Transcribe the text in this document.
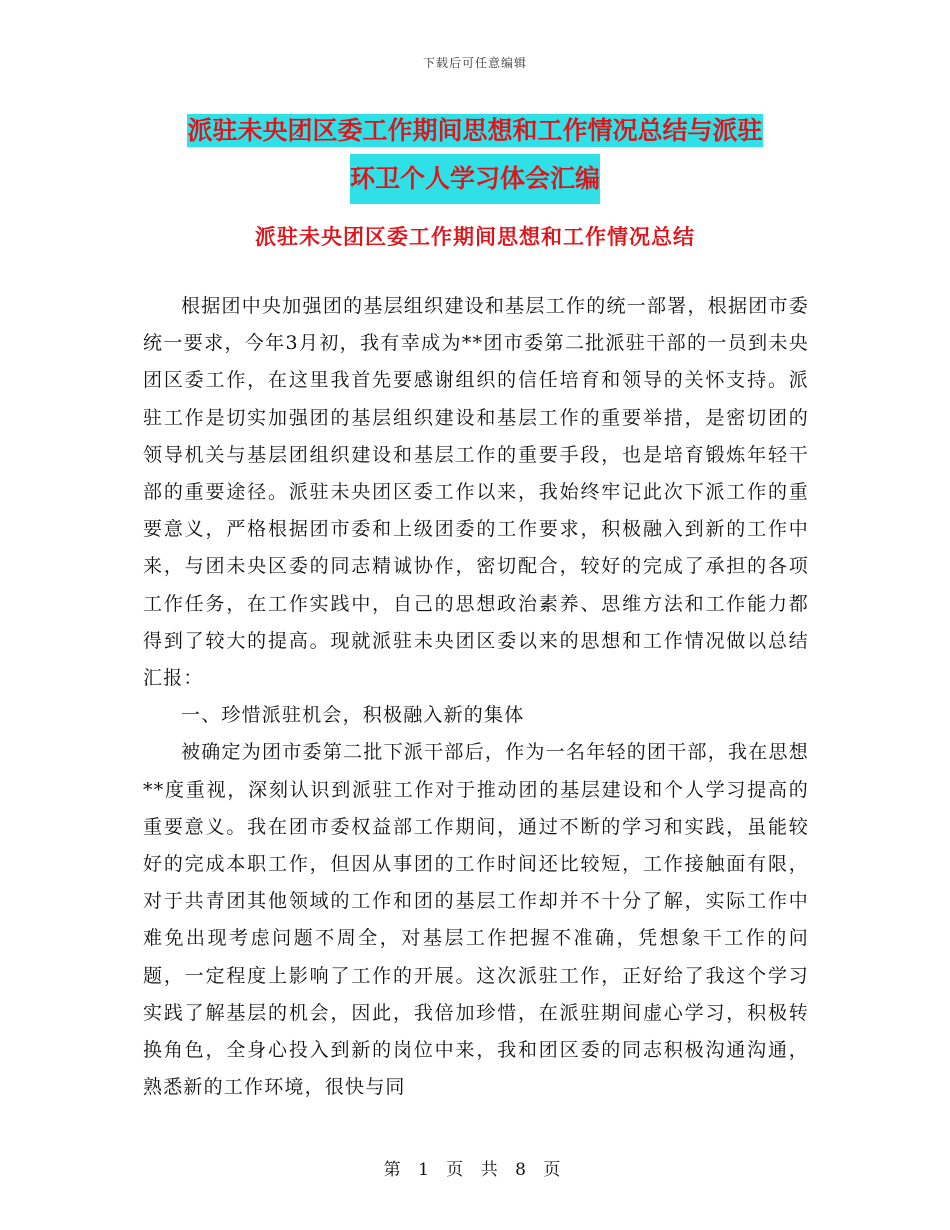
下载后可任意编辑
派驻未央团区委工作期间思想和工作情况总结与派驻
环卫个人学习体会汇编
派驻未央团区委工作期间思想和工作情况总结

根据团中央加强团的基层组织建设和基层工作的统一部署，根据团市委统一要求，今年3月初，我有幸成为**团市委第二批派驻干部的一员到未央团区委工作，在这里我首先要感谢组织的信任培育和领导的关怀支持。派驻工作是切实加强团的基层组织建设和基层工作的重要举措，是密切团的领导机关与基层团组织建设和基层工作的重要手段，也是培育锻炼年轻干部的重要途径。派驻未央团区委工作以来，我始终牢记此次下派工作的重要意义，严格根据团市委和上级团委的工作要求，积极融入到新的工作中来，与团未央区委的同志精诚协作，密切配合，较好的完成了承担的各项工作任务，在工作实践中，自己的思想政治素养、思维方法和工作能力都得到了较大的提高。现就派驻未央团区委以来的思想和工作情况做以总结汇报：

一、珍惜派驻机会，积极融入新的集体

被确定为团市委第二批下派干部后，作为一名年轻的团干部，我在思想**度重视，深刻认识到派驻工作对于推动团的基层建设和个人学习提高的重要意义。我在团市委权益部工作期间，通过不断的学习和实践，虽能较好的完成本职工作，但因从事团的工作时间还比较短，工作接触面有限，对于共青团其他领域的工作和团的基层工作却并不十分了解，实际工作中难免出现考虑问题不周全，对基层工作把握不准确，凭想象干工作的问题，一定程度上影响了工作的开展。这次派驻工作，正好给了我这个学习实践了解基层的机会，因此，我倍加珍惜，在派驻期间虚心学习，积极转换角色，全身心投入到新的岗位中来，我和团区委的同志积极沟通沟通，熟悉新的工作环境，很快与同

第 1 页 共 8 页
